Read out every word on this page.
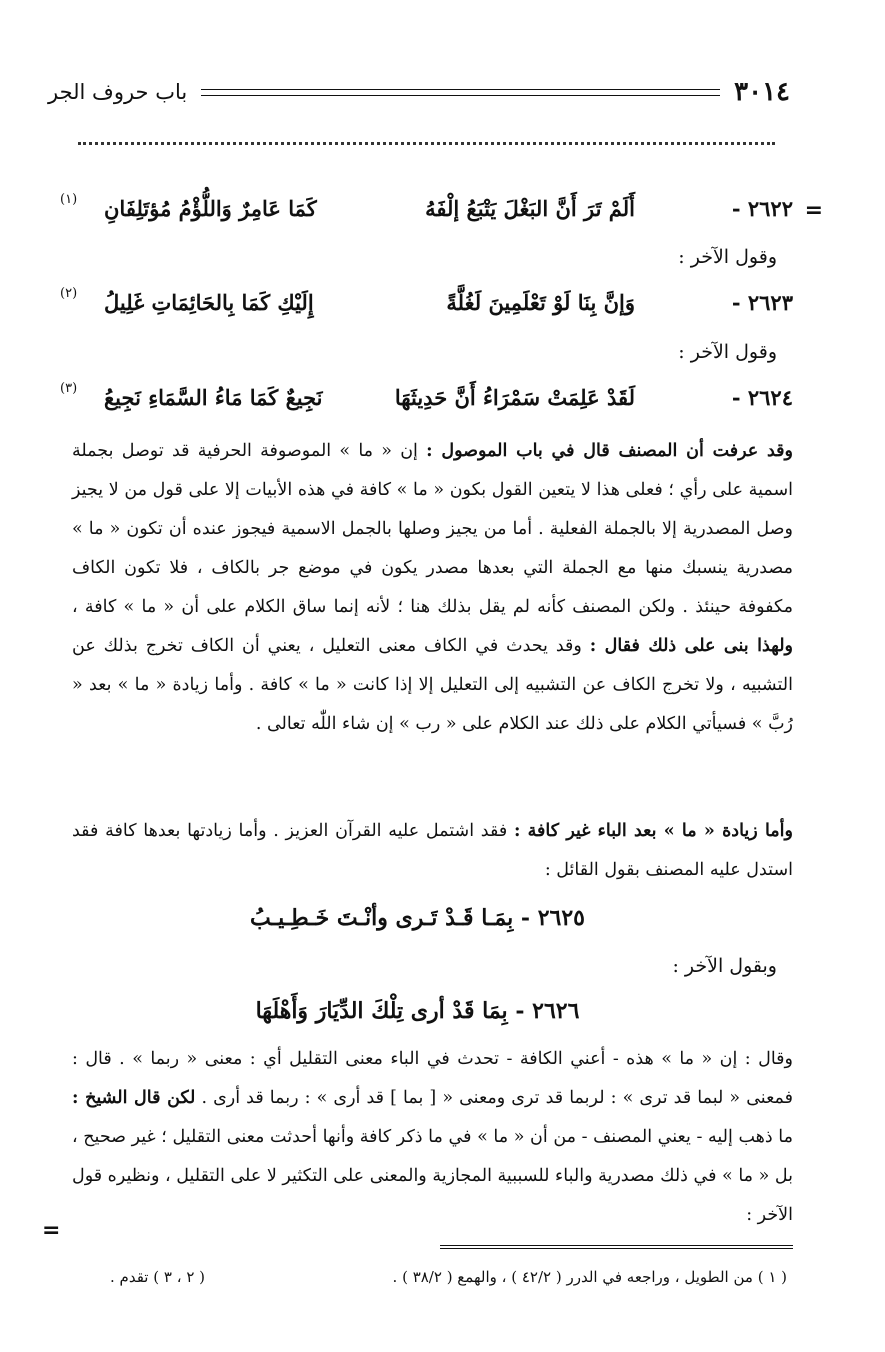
٣٠١٤
باب حروف الجر
=
=
٢٦٢٢ -
أَلَمْ تَرَ أَنَّ البَغْلَ يَتْبَعُ إلْفَهُ
كَمَا عَامِرٌ وَاللُّؤْمُ مُؤتَلِفَانِ
(١)
وقول الآخر :
٢٦٢٣ -
وَإنَّ بِنَا لَوْ تَعْلَمِينَ لَغُلَّةً
إِلَيْكِ كَمَا بِالحَائِمَاتِ غَلِيلُ
(٢)
وقول الآخر :
٢٦٢٤ -
لَقَدْ عَلِمَتْ سَمْرَاءُ أَنَّ حَدِيثَهَا
نَجِيعٌ كَمَا مَاءُ السَّمَاءِ نَجِيعُ
(٣)
وقد عرفت أن المصنف قال في باب الموصول : إن « ما » الموصوفة الحرفية قد توصل بجملة اسمية على رأي ؛ فعلى هذا لا يتعين القول بكون « ما » كافة في هذه الأبيات إلا على قول من لا يجيز وصل المصدرية إلا بالجملة الفعلية . أما من يجيز وصلها بالجمل الاسمية فيجوز عنده أن تكون « ما » مصدرية ينسبك منها مع الجملة التي بعدها مصدر يكون في موضع جر بالكاف ، فلا تكون الكاف مكفوفة حينئذ . ولكن المصنف كأنه لم يقل بذلك هنا ؛ لأنه إنما ساق الكلام على أن « ما » كافة ، ولهذا بنى على ذلك فقال : وقد يحدث في الكاف معنى التعليل ، يعني أن الكاف تخرج بذلك عن التشبيه ، ولا تخرج الكاف عن التشبيه إلى التعليل إلا إذا كانت « ما » كافة . وأما زيادة « ما » بعد « رُبَّ » فسيأتي الكلام على ذلك عند الكلام على « رب » إن شاء اللّٰه تعالى .
وأما زيادة « ما » بعد الباء غير كافة : فقد اشتمل عليه القرآن العزيز . وأما زيادتها بعدها كافة فقد استدل عليه المصنف بقول القائل :
٢٦٢٥ - بِمَـا قَـدْ تَـرى وأنْـتَ خَـطِـيـبُ
وبقول الآخر :
٢٦٢٦ - بِمَا قَدْ أرى تِلْكَ الدِّيَارَ وَأَهْلَهَا
وقال : إن « ما » هذه - أعني الكافة - تحدث في الباء معنى التقليل أي : معنى « ربما » . قال : فمعنى « لبما قد ترى » : لربما قد ترى ومعنى « [ بما ] قد أرى » : ربما قد أرى . لكن قال الشيخ : ما ذهب إليه - يعني المصنف - من أن « ما » في ما ذكر كافة وأنها أحدثت معنى التقليل ؛ غير صحيح ، بل « ما » في ذلك مصدرية والباء للسببية المجازية والمعنى على التكثير لا على التقليل ، ونظيره قول الآخر :
( ١ ) من الطويل ، وراجعه في الدرر ( ٤٢/٢ ) ، والهمع ( ٣٨/٢ ) .
( ٢ ، ٣ ) تقدم .
